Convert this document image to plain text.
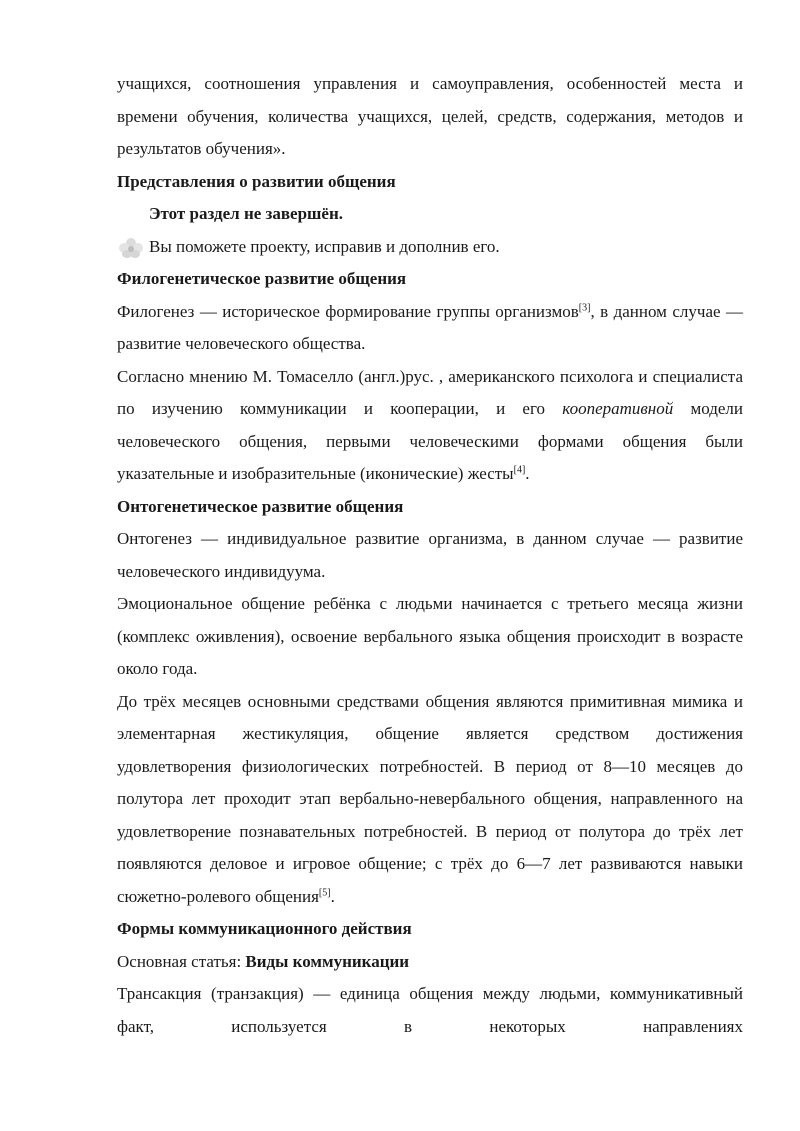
учащихся, соотношения управления и самоуправления, особенностей места и времени обучения, количества учащихся, целей, средств, содержания, методов и результатов обучения».

Представления о развитии общения

Этот раздел не завершён.

Вы поможете проекту, исправив и дополнив его.

Филогенетическое развитие общения

Филогенез — историческое формирование группы организмов[3], в данном случае — развитие человеческого общества.

Согласно мнению М. Томаселло (англ.)рус. , американского психолога и специалиста по изучению коммуникации и кооперации, и его кооперативной модели человеческого общения, первыми человеческими формами общения были указательные и изобразительные (иконические) жесты[4].

Онтогенетическое развитие общения

Онтогенез — индивидуальное развитие организма, в данном случае — развитие человеческого индивидуума.

Эмоциональное общение ребёнка с людьми начинается с третьего месяца жизни (комплекс оживления), освоение вербального языка общения происходит в возрасте около года.

До трёх месяцев основными средствами общения являются примитивная мимика и элементарная жестикуляция, общение является средством достижения удовлетворения физиологических потребностей. В период от 8—10 месяцев до полутора лет проходит этап вербально-невербального общения, направленного на удовлетворение познавательных потребностей. В период от полутора до трёх лет появляются деловое и игровое общение; с трёх до 6—7 лет развиваются навыки сюжетно-ролевого общения[5].

Формы коммуникационного действия

Основная статья: Виды коммуникации

Трансакция (транзакция) — единица общения между людьми, коммуникативный факт, используется в некоторых направлениях
